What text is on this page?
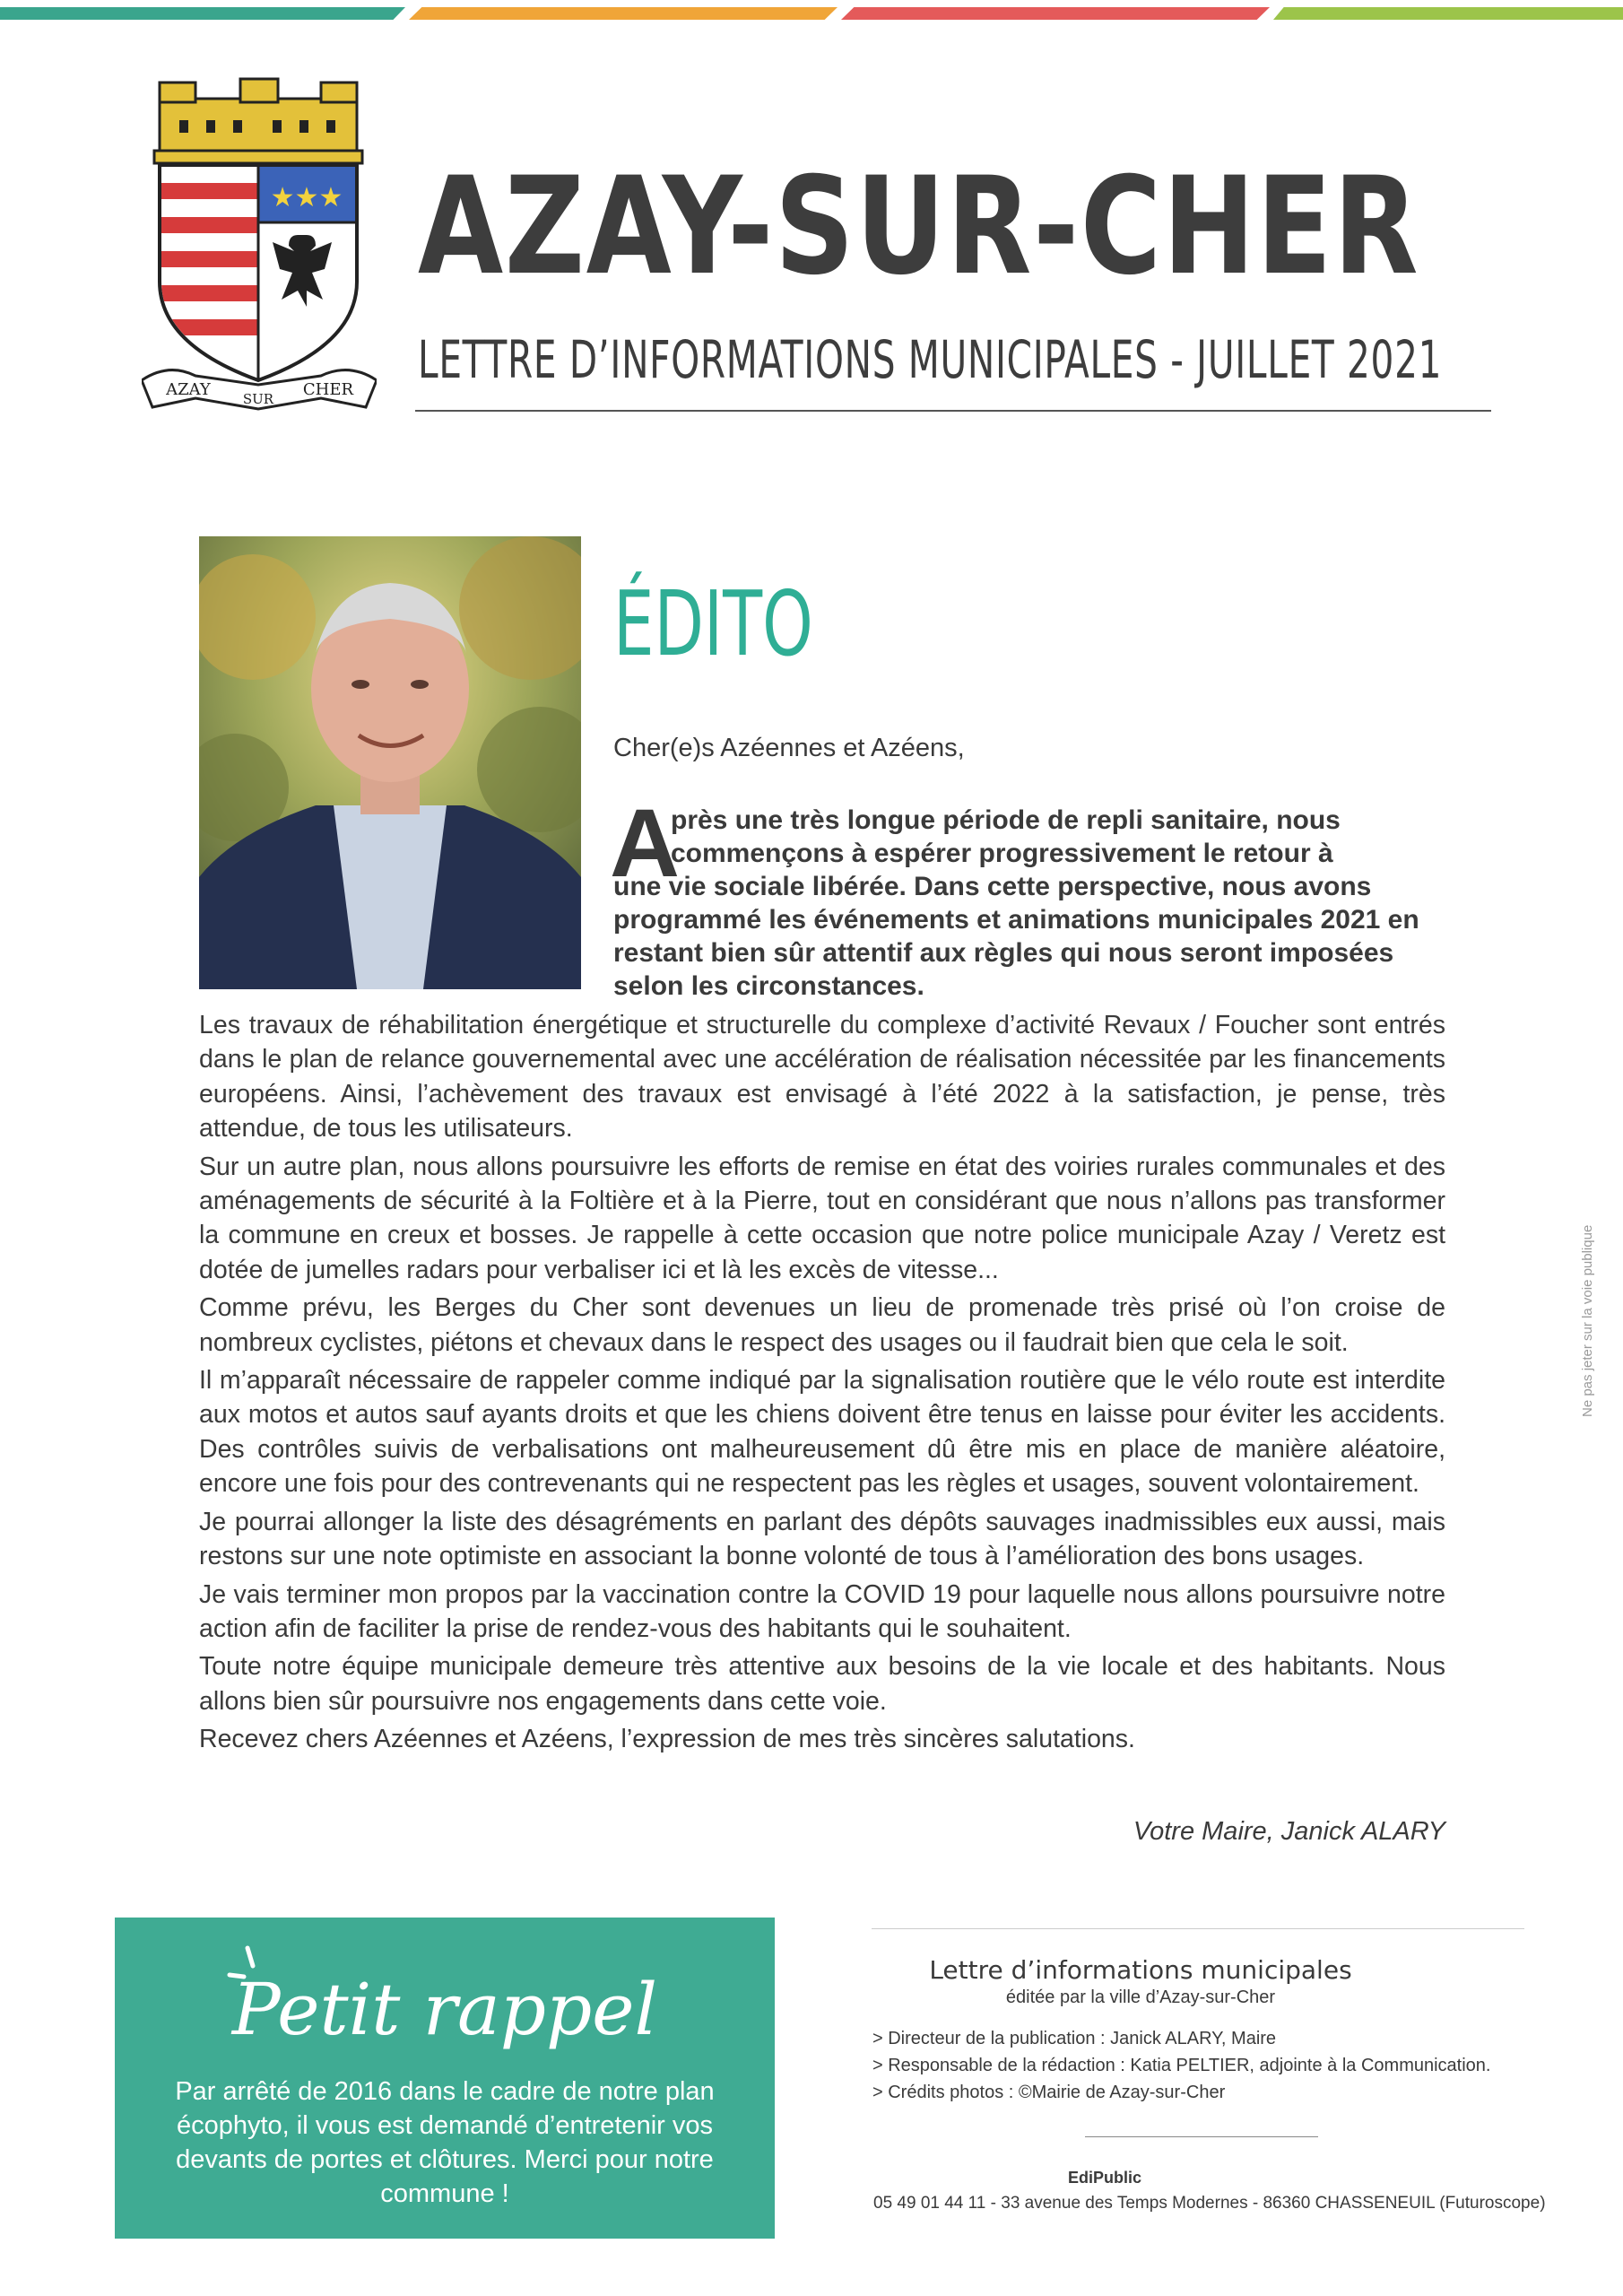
★★★
AZAY SUR CHER
AZAY-SUR-CHER
LETTRE D’INFORMATIONS MUNICIPALES - JUILLET 2021
ÉDITO
Cher(e)s Azéennes et Azéens,
A
près une très longue période de repli sanitaire, nous
commençons à espérer progressivement le retour à
une vie sociale libérée. Dans cette perspective, nous avons
programmé les événements et animations municipales 2021 en
restant bien sûr attentif aux règles qui nous seront imposées
selon les circonstances.

Les travaux de réhabilitation énergétique et structurelle du complexe d’activité Revaux / Foucher sont entrés dans le plan de relance gouvernemental avec une accélération de réalisation nécessitée par les financements européens. Ainsi, l’achèvement des travaux est envisagé à l’été 2022 à la satisfaction, je pense, très attendue, de tous les utilisateurs.

Sur un autre plan, nous allons poursuivre les efforts de remise en état des voiries rurales communales et des aménagements de sécurité à la Foltière et à la Pierre, tout en considérant que nous n’allons pas transformer la commune en creux et bosses. Je rappelle à cette occasion que notre police municipale Azay / Veretz est dotée de jumelles radars pour verbaliser ici et là les excès de vitesse...

Comme prévu, les Berges du Cher sont devenues un lieu de promenade très prisé où l’on croise de nombreux cyclistes, piétons et chevaux dans le respect des usages ou il faudrait bien que cela le soit.

Il m’apparaît nécessaire de rappeler comme indiqué par la signalisation routière que le vélo route est interdite aux motos et autos sauf ayants droits et que les chiens doivent être tenus en laisse pour éviter les accidents. Des contrôles suivis de verbalisations ont malheureusement dû être mis en place de manière aléatoire, encore une fois pour des contrevenants qui ne respectent pas les règles et usages, souvent volontairement.

Je pourrai allonger la liste des désagréments en parlant des dépôts sauvages inadmissibles eux aussi, mais restons sur une note optimiste en associant la bonne volonté de tous à l’amélioration des bons usages.

Je vais terminer mon propos par la vaccination contre la COVID 19 pour laquelle nous allons poursuivre notre action afin de faciliter la prise de rendez-vous des habitants qui le souhaitent.

Toute notre équipe municipale demeure très attentive aux besoins de la vie locale et des habitants. Nous allons bien sûr poursuivre nos engagements dans cette voie.

Recevez chers Azéennes et Azéens, l’expression de mes très sincères salutations.

Votre Maire, Janick ALARY
Petit rappel
Par arrêté de 2016 dans le cadre de notre plan écophyto, il vous est demandé d’entretenir vos devants de portes et clôtures. Merci pour notre commune !
Lettre d’informations municipales
éditée par la ville d’Azay-sur-Cher
> Directeur de la publication : Janick ALARY, Maire
> Responsable de la rédaction : Katia PELTIER, adjointe à la Communication.
> Crédits photos : ©Mairie de Azay-sur-Cher
EdiPublic
05 49 01 44 11 - 33 avenue des Temps Modernes - 86360 CHASSENEUIL (Futuroscope)
Ne pas jeter sur la voie publique
